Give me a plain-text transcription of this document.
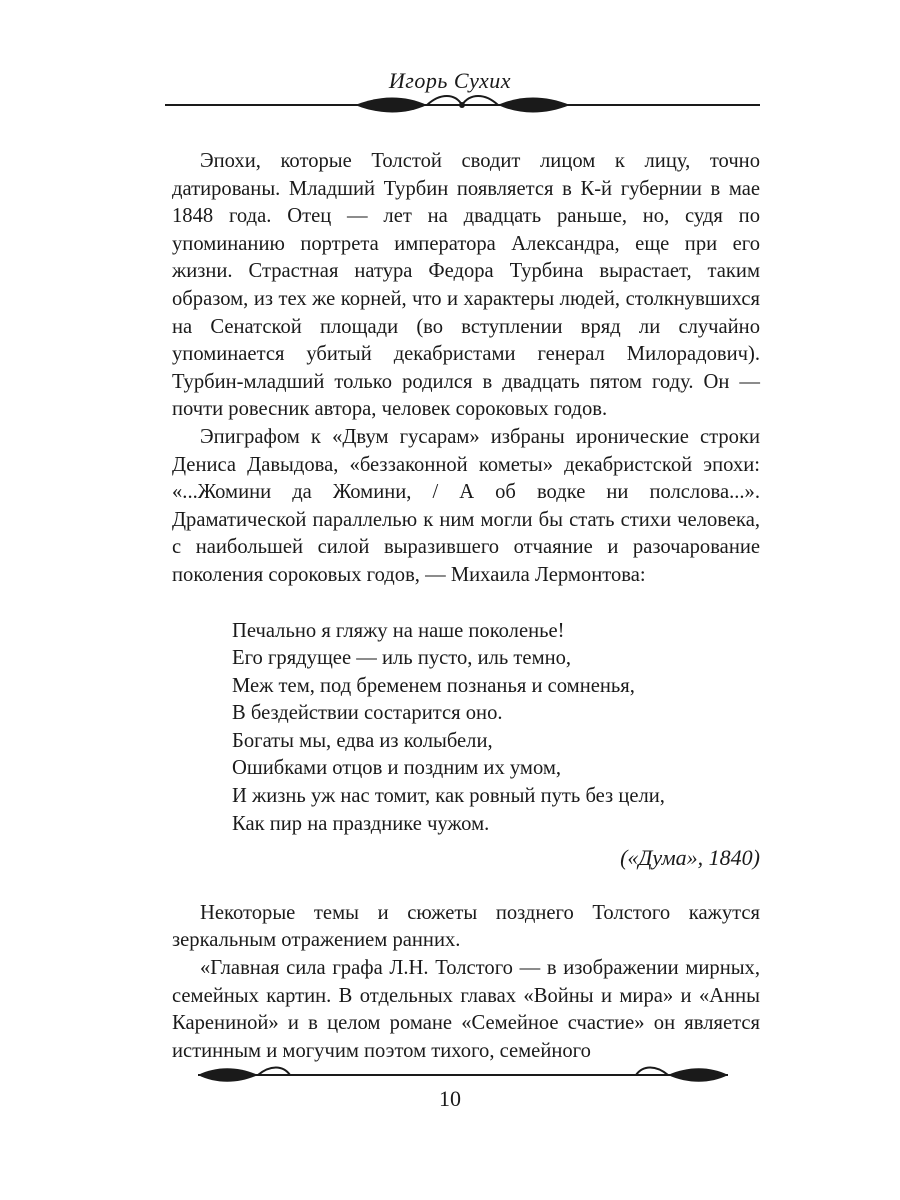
Игорь Сухих

Эпохи, которые Толстой сводит лицом к лицу, точно датированы. Младший Турбин появляется в К-й губернии в мае 1848 года. Отец — лет на двадцать раньше, но, судя по упоминанию портрета императора Александра, еще при его жизни. Страстная натура Федора Турбина вырастает, таким образом, из тех же корней, что и характеры людей, столкнувшихся на Сенатской площади (во вступлении вряд ли случайно упоминается убитый декабристами генерал Милорадович). Турбин-младший только родился в двадцать пятом году. Он — почти ровесник автора, человек сороковых годов.

Эпиграфом к «Двум гусарам» избраны иронические строки Дениса Давыдова, «беззаконной кометы» декабристской эпохи: «...Жомини да Жомини, / А об водке ни полслова...». Драматической параллелью к ним могли бы стать стихи человека, с наибольшей силой выразившего отчаяние и разочарование поколения сороковых годов, — Михаила Лермонтова:

Печально я гляжу на наше поколенье!
Его грядущее — иль пусто, иль темно,
Меж тем, под бременем познанья и сомненья,
В бездействии состарится оно.
Богаты мы, едва из колыбели,
Ошибками отцов и поздним их умом,
И жизнь уж нас томит, как ровный путь без цели,
Как пир на празднике чужом.
(«Дума», 1840)

Некоторые темы и сюжеты позднего Толстого кажутся зеркальным отражением ранних.

«Главная сила графа Л.Н. Толстого — в изображении мирных, семейных картин. В отдельных главах «Войны и мира» и «Анны Карениной» и в целом романе «Семейное счастие» он является истинным и могучим поэтом тихого, семейного

10
